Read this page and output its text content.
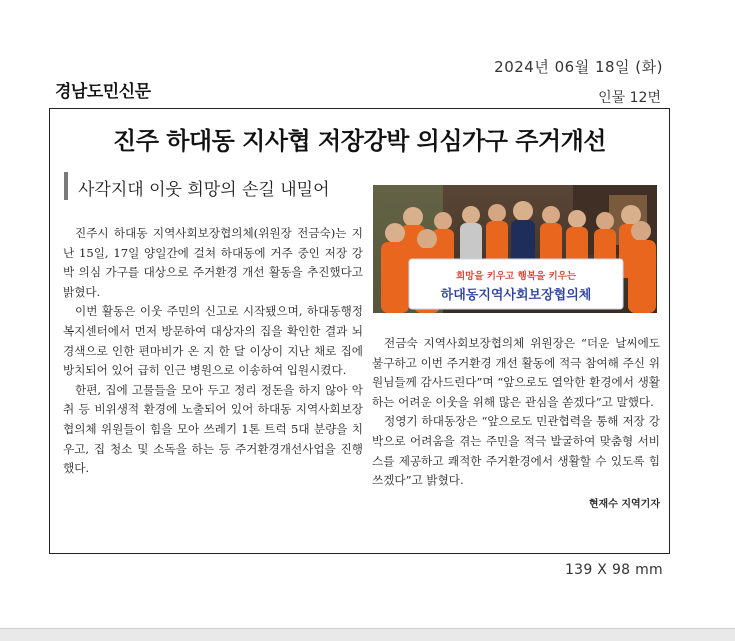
2024년 06월 18일 (화)
경남도민신문	인물 12면
진주 하대동 지사협 저장강박 의심가구 주거개선
사각지대 이웃 희망의 손길 내밀어

진주시 하대동 지역사회보장협의체(위원장 전금숙)는 지난 15일, 17일 양일간에 걸쳐 하대동에 거주 중인 저장 강박 의심 가구를 대상으로 주거환경 개선 활동을 추진했다고 밝혔다.

이번 활동은 이웃 주민의 신고로 시작됐으며, 하대동행정복지센터에서 먼저 방문하여 대상자의 집을 확인한 결과 뇌경색으로 인한 편마비가 온 지 한 달 이상이 지난 채로 집에 방치되어 있어 급히 인근 병원으로 이송하여 입원시켰다.

한편, 집에 고물들을 모아 두고 정리 정돈을 하지 않아 악취 등 비위생적 환경에 노출되어 있어 하대동 지역사회보장협의체 위원들이 힘을 모아 쓰레기 1톤 트럭 5대 분량을 치우고, 집 청소 및 소독을 하는 등 주거환경개선사업을 진행했다.

희망을 키우고 행복을 키우는
하대동지역사회보장협의체

전금숙 지역사회보장협의체 위원장은 “더운 날씨에도 불구하고 이번 주거환경 개선 활동에 적극 참여해 주신 위원님들께 감사드린다”며 “앞으로도 열악한 환경에서 생활하는 어려운 이웃을 위해 많은 관심을 쏟겠다”고 말했다.

정영기 하대동장은 “앞으로도 민관협력을 통해 저장 강박으로 어려움을 겪는 주민을 적극 발굴하여 맞춤형 서비스를 제공하고 쾌적한 주거환경에서 생활할 수 있도록 힘쓰겠다”고 밝혔다.

현재수 지역기자
139 X 98 mm
